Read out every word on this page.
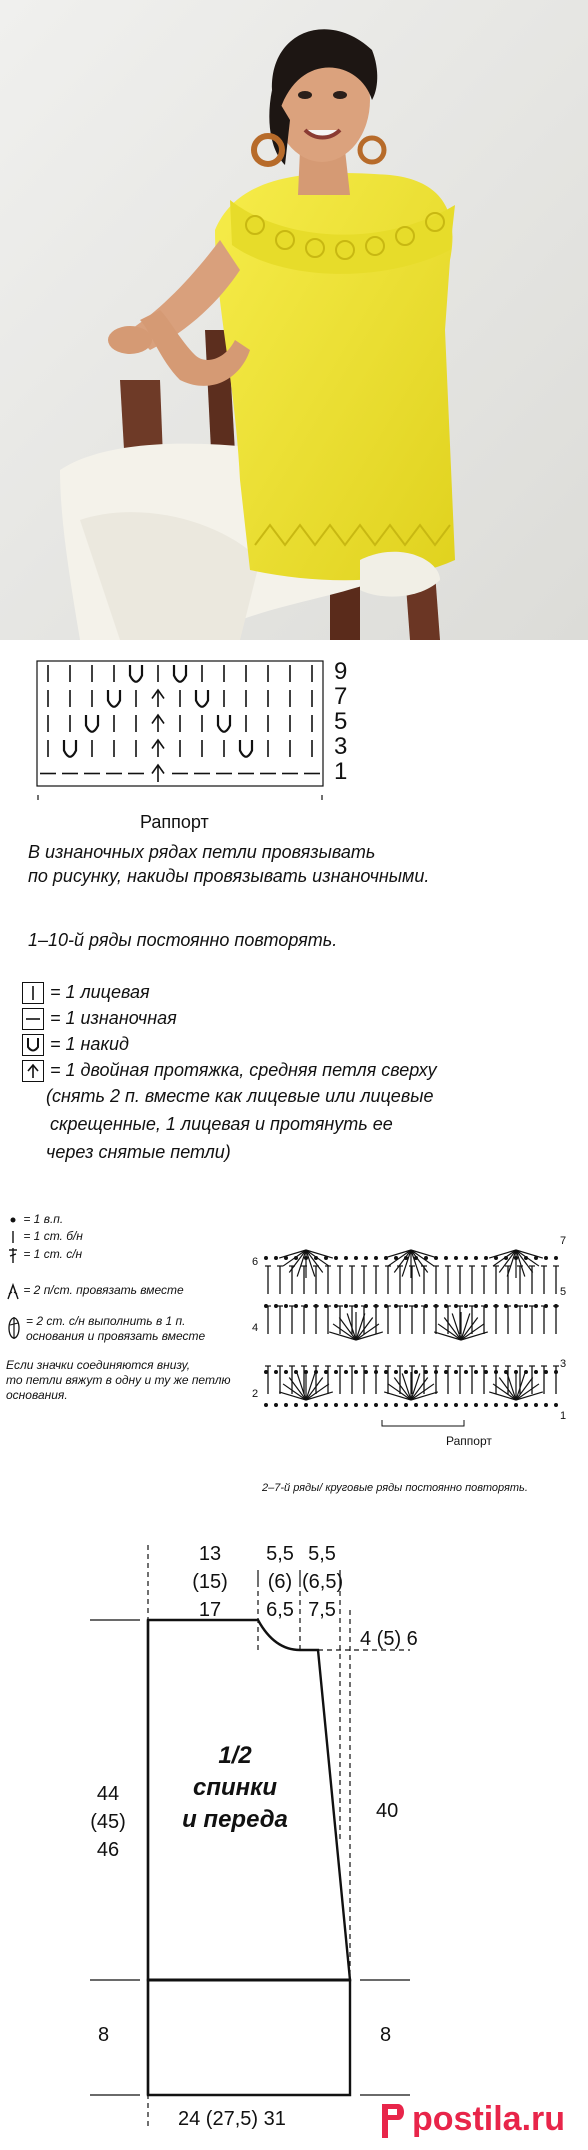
9
7
5
3
1
Раппорт
В изнаночных рядах петли провязывать
по рисунку, накиды провязывать изнаночными.
1–10-й ряды постоянно повторять.
= 1 лицевая
= 1 изнаночная
= 1 накид
= 1 двойная протяжка, средняя петля сверху
(снять 2 п. вместе как лицевые или лицевые
скрещенные, 1 лицевая и протянуть ее
через снятые петли)
= 1 в.п.
= 1 ст. б/н
= 1 ст. с/н
= 2 п/ст. провязать вместе
= 2 ст. с/н выполнить в 1 п.
основания и провязать вместе
Если значки соединяются внизу,
то петли вяжут в одну и ту же петлю
основания.
6
4
2
7
5
3
1
Раппорт
2–7-й ряды/ круговые ряды постоянно повторять.
13
(15)
17
5,5
(6)
6,5
5,5
(6,5)
7,5
4 (5) 6
1/2
спинки
и переда
44
(45)
46
40
8	8
24 (27,5) 31	postila.ru
